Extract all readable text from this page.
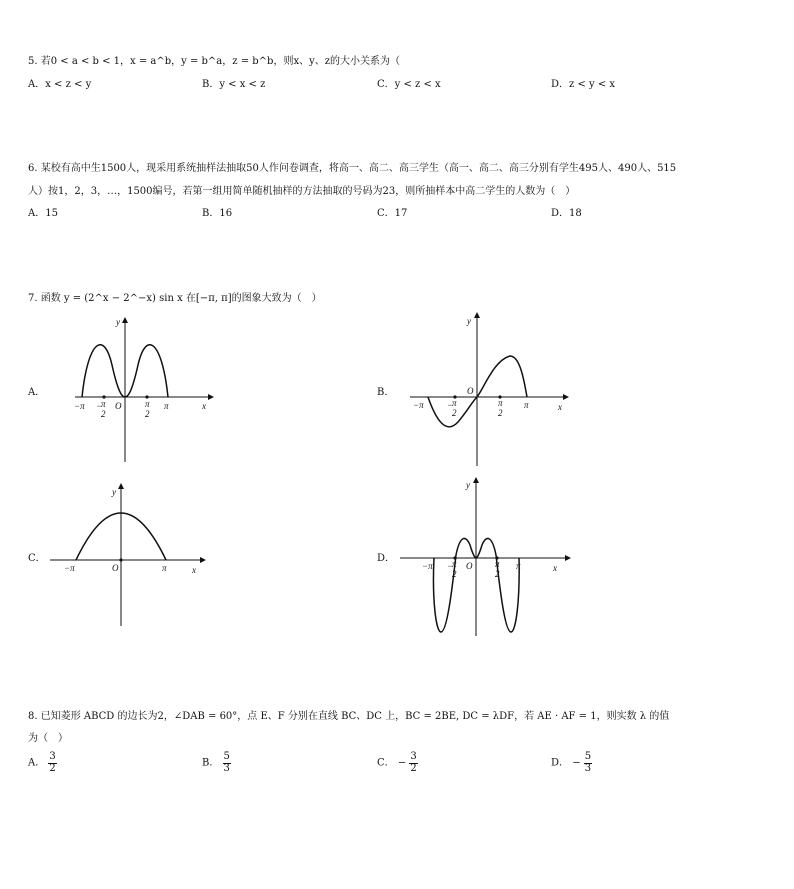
5. 若0 < a < b < 1，x = a^b，y = b^a，z = b^b，则x、y、z的大小关系为（
A．x < z < y	B．y < x < z	C．y < z < x	D．z < y < x
6. 某校有高中生1500人，现采用系统抽样法抽取50人作问卷调查，将高一、高二、高三学生（高一、高二、高三分别有学生495人、490人、515
人）按1，2，3，…，1500编号，若第一组用简单随机抽样的方法抽取的号码为23，则所抽样本中高二学生的人数为（　）
A．15	B．16	C．17	D．18
7. 函数 y = (2^x − 2^−x) sin x 在[−π, π]的图象大致为（　）
A．	B．
C．	D．
y
x
O
−π	π
−
π
2
π
2
y
x
O
−π	π
−
π
2
π
2
y
x
O
−π	π
y
x
O
−π	π
−
π
2
π
2
8. 已知菱形 ABCD 的边长为2，∠DAB = 60°，点 E、F 分别在直线 BC、DC 上，BC = 2BE, DC = λDF，若 AE · AF = 1，则实数 λ 的值
为（　）
A． $\frac{3}{2}$	B． $\frac{5}{3}$	C． − $\frac{3}{2}$	D． − $\frac{5}{3}$
